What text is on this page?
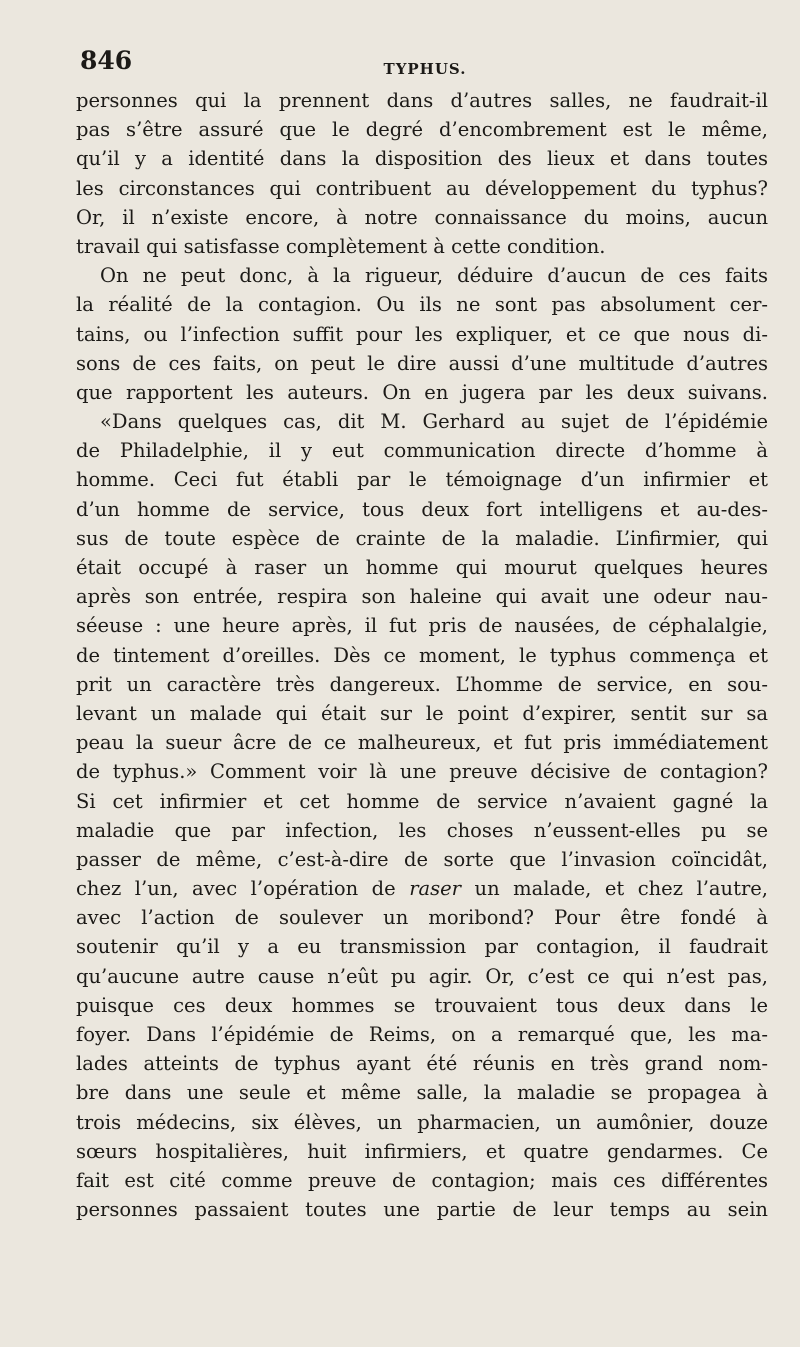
846	TYPHUS.
personnes qui la prennent dans d’autres salles, ne faudrait-il
pas s’être assuré que le degré d’encombrement est le même,
qu’il y a identité dans la disposition des lieux et dans toutes
les circonstances qui contribuent au développement du typhus?
Or, il n’existe encore, à notre connaissance du moins, aucun
travail qui satisfasse complètement à cette condition.
On ne peut donc, à la rigueur, déduire d’aucun de ces faits
la réalité de la contagion. Ou ils ne sont pas absolument cer-
tains, ou l’infection suffit pour les expliquer, et ce que nous di-
sons de ces faits, on peut le dire aussi d’une multitude d’autres
que rapportent les auteurs. On en jugera par les deux suivans.
«Dans quelques cas, dit M. Gerhard au sujet de l’épidémie
de Philadelphie, il y eut communication directe d’homme à
homme. Ceci fut établi par le témoignage d’un infirmier et
d’un homme de service, tous deux fort intelligens et au-des-
sus de toute espèce de crainte de la maladie. L’infirmier, qui
était occupé à raser un homme qui mourut quelques heures
après son entrée, respira son haleine qui avait une odeur nau-
séeuse : une heure après, il fut pris de nausées, de céphalalgie,
de tintement d’oreilles. Dès ce moment, le typhus commença et
prit un caractère très dangereux. L’homme de service, en sou-
levant un malade qui était sur le point d’expirer, sentit sur sa
peau la sueur âcre de ce malheureux, et fut pris immédiatement
de typhus.» Comment voir là une preuve décisive de contagion?
Si cet infirmier et cet homme de service n’avaient gagné la
maladie que par infection, les choses n’eussent-elles pu se
passer de même, c’est-à-dire de sorte que l’invasion coïncidât,
chez l’un, avec l’opération de raser un malade, et chez l’autre,
avec l’action de soulever un moribond? Pour être fondé à
soutenir qu’il y a eu transmission par contagion, il faudrait
qu’aucune autre cause n’eût pu agir. Or, c’est ce qui n’est pas,
puisque ces deux hommes se trouvaient tous deux dans le
foyer. Dans l’épidémie de Reims, on a remarqué que, les ma-
lades atteints de typhus ayant été réunis en très grand nom-
bre dans une seule et même salle, la maladie se propagea à
trois médecins, six élèves, un pharmacien, un aumônier, douze
sœurs hospitalières, huit infirmiers, et quatre gendarmes. Ce
fait est cité comme preuve de contagion; mais ces différentes
personnes passaient toutes une partie de leur temps au sein
